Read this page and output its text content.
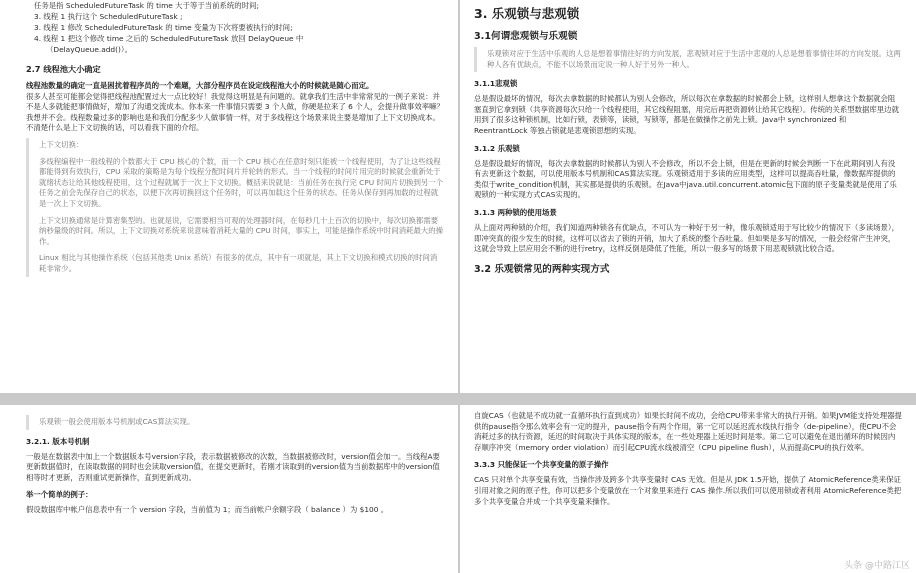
任务是指 ScheduledFutureTask 的 time 大于等于当前系统的时间;
3. 线程 1 执行这个 ScheduledFutureTask ;
3. 线程 1 修改 ScheduledFutureTask 的 time 变量为下次将要被执行的时间;
4. 线程 1 把这个修改 time 之后的 ScheduledFutureTask 放回 DelayQueue 中
（DelayQueue.add()）。
2.7 线程池大小确定

线程池数量的确定一直是困扰着程序员的一个难题，大部分程序员在设定线程池大小的时候就是随心而定。

很多人甚至可能都会觉得把线程池配置过大一点比较好！我觉得这明显是有问题的。就拿我们生活中非常常见的一例子来说：并不是人多就能把事情做好，增加了沟通交流成本。你本来一件事情只需要 3 个人做，你硬是拉来了 6 个人，会提升做事效率嘛？我想并不会。线程数量过多的影响也是和我们分配多少人做事情一样，对于多线程这个场景来说主要是增加了上下文切换成本。不清楚什么是上下文切换的话，可以看我下面的介绍。

上下文切换：

多线程编程中一般线程的个数都大于 CPU 核心的个数，而一个 CPU 核心在任意时刻只能被一个线程使用，为了让这些线程都能得到有效执行，CPU 采取的策略是为每个线程分配时间片并轮转的形式。当一个线程的时间片用完的时候就会重新处于就绪状态让给其他线程使用，这个过程就属于一次上下文切换。概括来说就是：当前任务在执行完 CPU 时间片切换到另一个任务之前会先保存自己的状态，以便下次再切换回这个任务时，可以再加载这个任务的状态。任务从保存到再加载的过程就是一次上下文切换。

上下文切换通常是计算密集型的。也就是说，它需要相当可观的处理器时间，在每秒几十上百次的切换中，每次切换都需要纳秒量级的时间。所以，上下文切换对系统来说意味着消耗大量的 CPU 时间，事实上，可能是操作系统中时间消耗最大的操作。

Linux 相比与其他操作系统（包括其他类 Unix 系统）有很多的优点，其中有一项就是，其上下文切换和模式切换的时间消耗非常少。

3. 乐观锁与悲观锁
3.1何谓悲观锁与乐观锁

乐观锁对应于生活中乐观的人总是想着事情往好的方向发展，悲观锁对应于生活中悲观的人总是想着事情往坏的方向发展。这两种人各有优缺点，不能不以场景而定说一种人好于另外一种人。

3.1.1悲观锁

总是假设最坏的情况，每次去拿数据的时候都认为别人会修改，所以每次在拿数据的时候都会上锁，这样别人想拿这个数据就会阻塞直到它拿到锁（共享资源每次只给一个线程使用，其它线程阻塞，用完后再把资源转让给其它线程）。传统的关系型数据库里边就用到了很多这种锁机制，比如行锁，表锁等，读锁，写锁等，都是在做操作之前先上锁。Java中 synchronized 和 ReentrantLock 等独占锁就是悲观锁思想的实现。

3.1.2 乐观锁

总是假设最好的情况，每次去拿数据的时候都认为别人不会修改，所以不会上锁，但是在更新的时候会判断一下在此期间别人有没有去更新这个数据，可以使用版本号机制和CAS算法实现。乐观锁适用于多读的应用类型，这样可以提高吞吐量，像数据库提供的类似于write_condition机制，其实都是提供的乐观锁。在Java中java.util.concurrent.atomic包下面的原子变量类就是使用了乐观锁的一种实现方式CAS实现的。

3.1.3 两种锁的使用场景

从上面对两种锁的介绍，我们知道两种锁各有优缺点，不可认为一种好于另一种，像乐观锁适用于写比较少的情况下（多读场景），即冲突真的很少发生的时候，这样可以省去了锁的开销，加大了系统的整个吞吐量。但如果是多写的情况，一般会经常产生冲突，这就会导致上层应用会不断的进行retry，这样反倒是降低了性能，所以一般多写的场景下用悲观锁就比较合适。

3.2 乐观锁常见的两种实现方式

乐观锁一般会使用版本号机制或CAS算法实现。

3.2.1. 版本号机制

一般是在数据表中加上一个数据版本号version字段，表示数据被修改的次数，当数据被修改时，version值会加一。当线程A要更新数据值时，在读取数据的同时也会读取version值，在提交更新时，若刚才读取到的version值为当前数据库中的version值相等时才更新，否则重试更新操作，直到更新成功。

举一个简单的例子：

假设数据库中帐户信息表中有一个 version 字段，当前值为 1；而当前帐户余额字段（ balance ）为 $100 。

自旋CAS（也就是不成功就一直循环执行直到成功）如果长时间不成功，会给CPU带来非常大的执行开销。如果JVM能支持处理器提供的pause指令那么效率会有一定的提升，pause指令有两个作用，第一它可以延迟流水线执行指令（de-pipeline），使CPU不会消耗过多的执行资源，延迟的时间取决于具体实现的版本，在一些处理器上延迟时间是零。第二它可以避免在退出循环的时候因内存顺序冲突（memory order violation）而引起CPU流水线被清空（CPU pipeline flush），从而提高CPU的执行效率。

3.3.3 只能保证一个共享变量的原子操作

CAS 只对单个共享变量有效，当操作涉及跨多个共享变量时 CAS 无效。但是从 JDK 1.5开始，提供了 AtomicReference类来保证引用对象之间的原子性，你可以把多个变量放在一个对象里来进行 CAS 操作.所以我们可以使用锁或者利用 AtomicReference类把多个共享变量合并成一个共享变量来操作。

头条 @中路江区
